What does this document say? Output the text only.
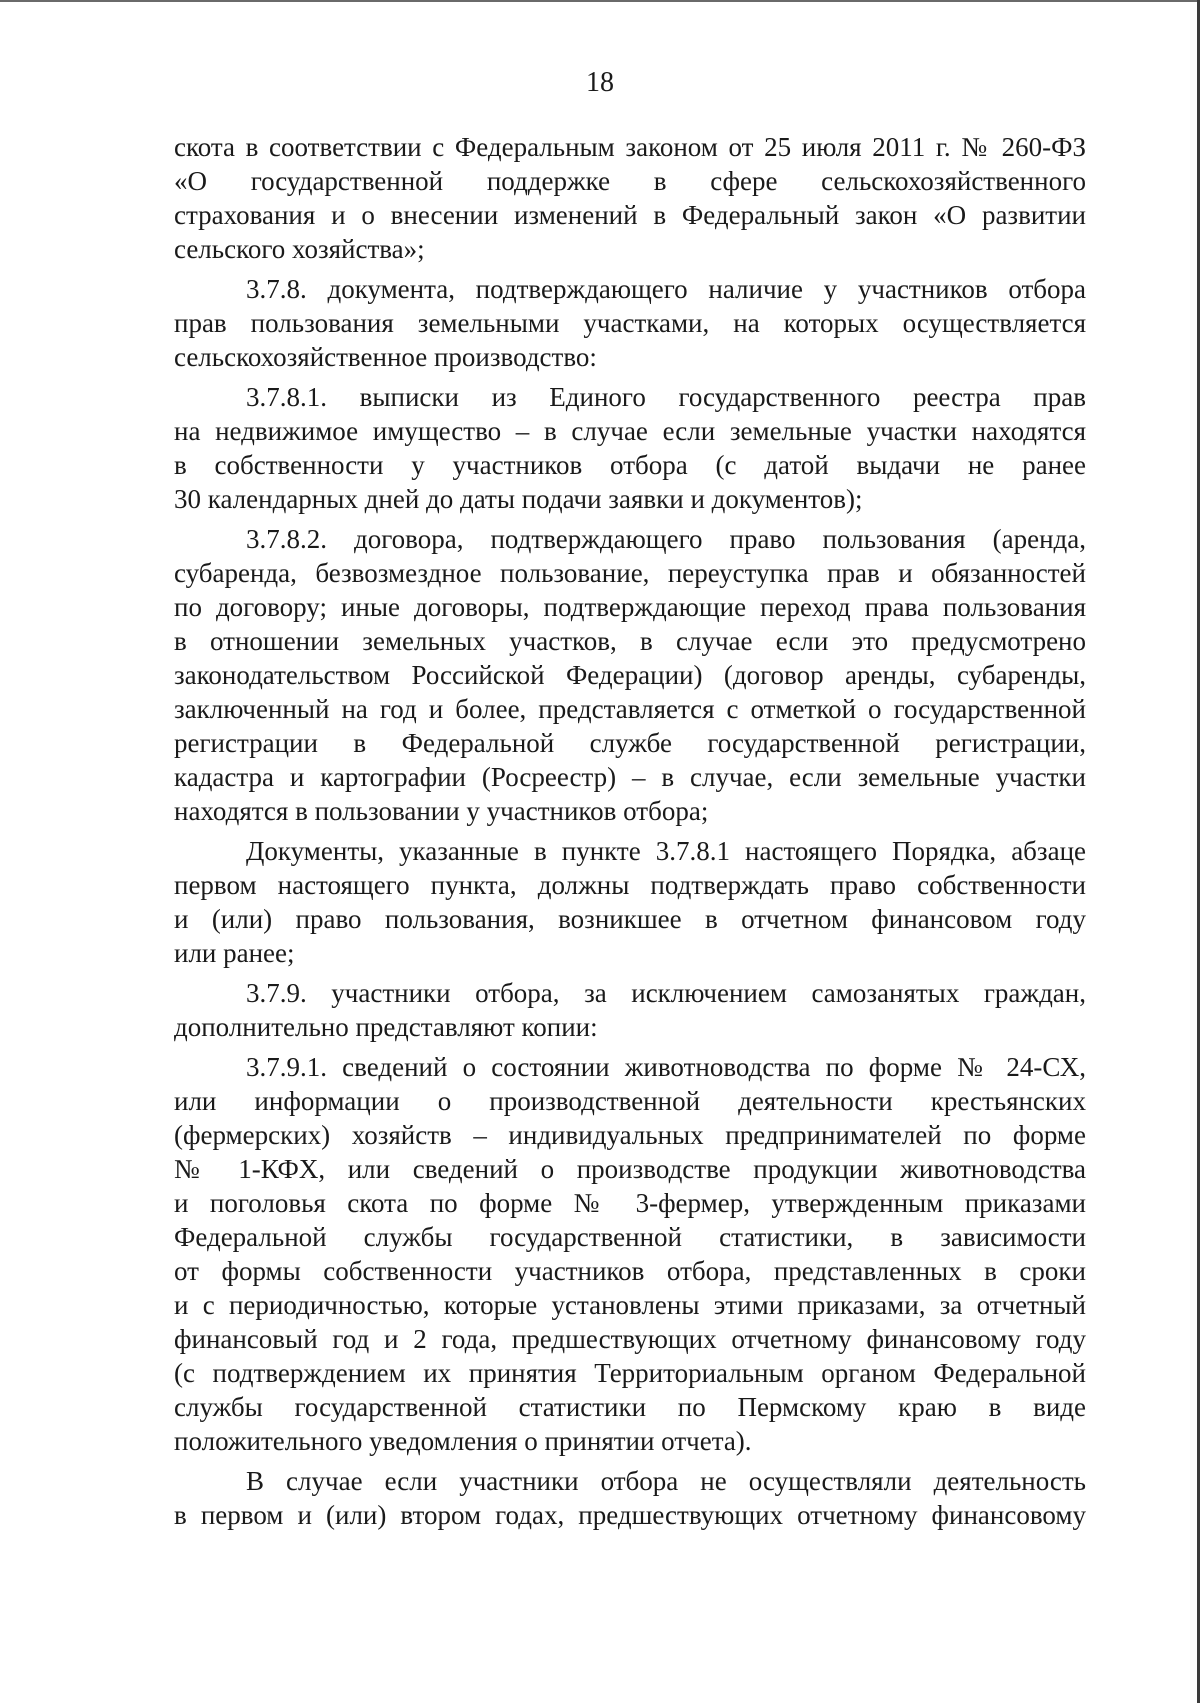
18
скота в соответствии с Федеральным законом от 25 июля 2011 г. № 260-ФЗ
«О государственной поддержке в сфере сельскохозяйственного
страхования и о внесении изменений в Федеральный закон «О развитии
сельского хозяйства»;
3.7.8. документа, подтверждающего наличие у участников отбора
прав пользования земельными участками, на которых осуществляется
сельскохозяйственное производство:
3.7.8.1. выписки из Единого государственного реестра прав
на недвижимое имущество – в случае если земельные участки находятся
в собственности у участников отбора (с датой выдачи не ранее
30 календарных дней до даты подачи заявки и документов);
3.7.8.2. договора, подтверждающего право пользования (аренда,
субаренда, безвозмездное пользование, переуступка прав и обязанностей
по договору; иные договоры, подтверждающие переход права пользования
в отношении земельных участков, в случае если это предусмотрено
законодательством Российской Федерации) (договор аренды, субаренды,
заключенный на год и более, представляется с отметкой о государственной
регистрации в Федеральной службе государственной регистрации,
кадастра и картографии (Росреестр) – в случае, если земельные участки
находятся в пользовании у участников отбора;
Документы, указанные в пункте 3.7.8.1 настоящего Порядка, абзаце
первом настоящего пункта, должны подтверждать право собственности
и (или) право пользования, возникшее в отчетном финансовом году
или ранее;
3.7.9. участники отбора, за исключением самозанятых граждан,
дополнительно представляют копии:
3.7.9.1. сведений о состоянии животноводства по форме № 24-СХ,
или информации о производственной деятельности крестьянских
(фермерских) хозяйств – индивидуальных предпринимателей по форме
№ 1-КФХ, или сведений о производстве продукции животноводства
и поголовья скота по форме № 3-фермер, утвержденным приказами
Федеральной службы государственной статистики, в зависимости
от формы собственности участников отбора, представленных в сроки
и с периодичностью, которые установлены этими приказами, за отчетный
финансовый год и 2 года, предшествующих отчетному финансовому году
(с подтверждением их принятия Территориальным органом Федеральной
службы государственной статистики по Пермскому краю в виде
положительного уведомления о принятии отчета).
В случае если участники отбора не осуществляли деятельность
в первом и (или) втором годах, предшествующих отчетному финансовому
